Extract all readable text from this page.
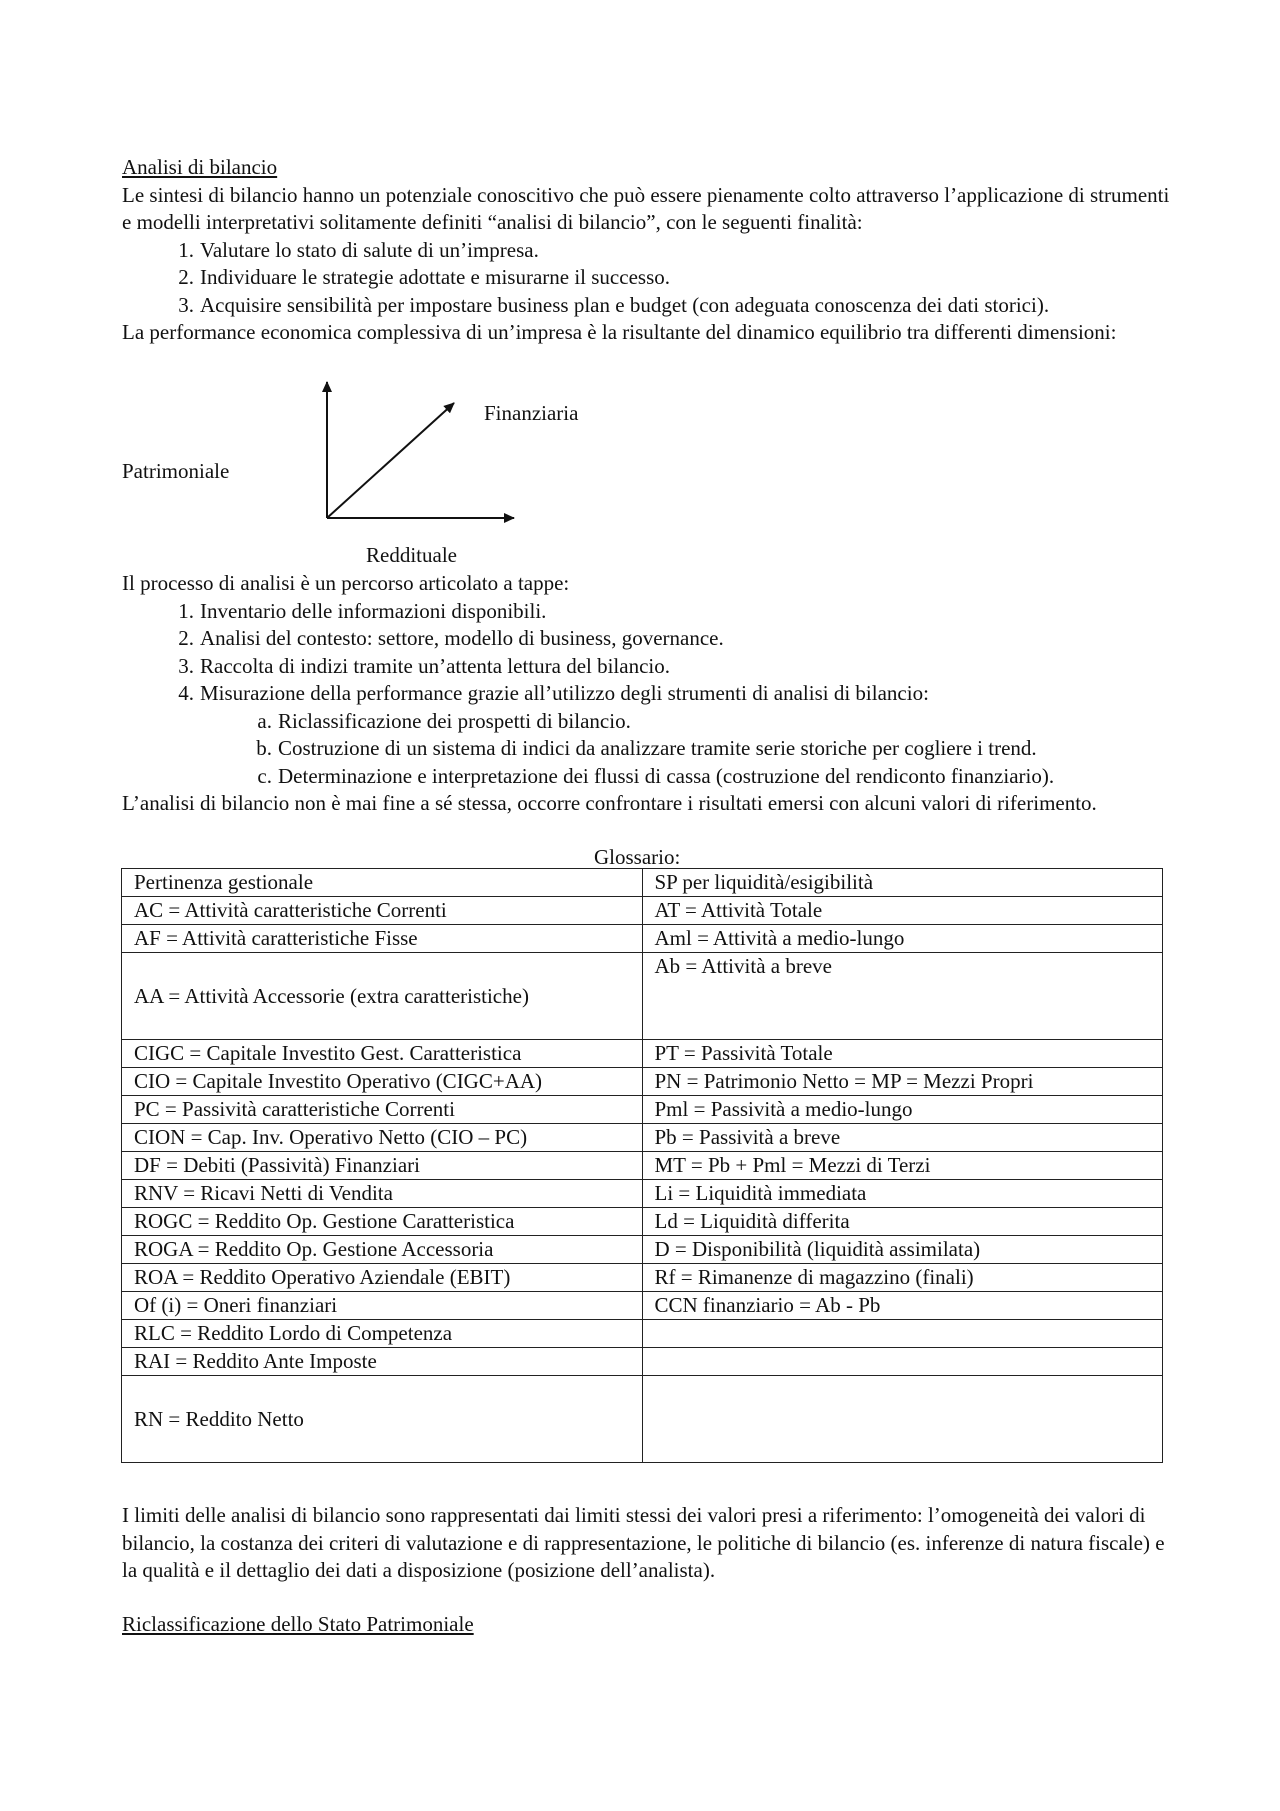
Analisi di bilancio

Le sintesi di bilancio hanno un potenziale conoscitivo che può essere pienamente colto attraverso l’applicazione di strumenti e modelli interpretativi solitamente definiti “analisi di bilancio”, con le seguenti finalità:

1. Valutare lo stato di salute di un’impresa.
2. Individuare le strategie adottate e misurarne il successo.
3. Acquisire sensibilità per impostare business plan e budget (con adeguata conoscenza dei dati storici).

La performance economica complessiva di un’impresa è la risultante del dinamico equilibrio tra differenti dimensioni:

Finanziaria
Patrimoniale
Reddituale

Il processo di analisi è un percorso articolato a tappe:

1. Inventario delle informazioni disponibili.
2. Analisi del contesto: settore, modello di business, governance.
3. Raccolta di indizi tramite un’attenta lettura del bilancio.
4. Misurazione della performance grazie all’utilizzo degli strumenti di analisi di bilancio:
a. Riclassificazione dei prospetti di bilancio.
b. Costruzione di un sistema di indici da analizzare tramite serie storiche per cogliere i trend.
c. Determinazione e interpretazione dei flussi di cassa (costruzione del rendiconto finanziario).

L’analisi di bilancio non è mai fine a sé stessa, occorre confrontare i risultati emersi con alcuni valori di riferimento.

Glossario:
Pertinenza gestionale	SP per liquidità/esigibilità
AC = Attività caratteristiche Correnti	AT = Attività Totale
AF = Attività caratteristiche Fisse	Aml = Attività a medio-lungo
AA = Attività Accessorie (extra caratteristiche)	Ab = Attività a breve
CIGC = Capitale Investito Gest. Caratteristica	PT = Passività Totale
CIO = Capitale Investito Operativo (CIGC+AA)	PN = Patrimonio Netto = MP = Mezzi Propri
PC = Passività caratteristiche Correnti	Pml = Passività a medio-lungo
CION = Cap. Inv. Operativo Netto (CIO – PC)	Pb = Passività a breve
DF = Debiti (Passività) Finanziari	MT = Pb + Pml = Mezzi di Terzi
RNV = Ricavi Netti di Vendita	Li = Liquidità immediata
ROGC = Reddito Op. Gestione Caratteristica	Ld = Liquidità differita
ROGA = Reddito Op. Gestione Accessoria	D = Disponibilità (liquidità assimilata)
ROA = Reddito Operativo Aziendale (EBIT)	Rf = Rimanenze di magazzino (finali)
Of (i) = Oneri finanziari	CCN finanziario = Ab - Pb
RLC = Reddito Lordo di Competenza	
RAI = Reddito Ante Imposte	
RN = Reddito Netto	

I limiti delle analisi di bilancio sono rappresentati dai limiti stessi dei valori presi a riferimento: l’omogeneità dei valori di bilancio, la costanza dei criteri di valutazione e di rappresentazione, le politiche di bilancio (es. inferenze di natura fiscale) e la qualità e il dettaglio dei dati a disposizione (posizione dell’analista).

Riclassificazione dello Stato Patrimoniale
